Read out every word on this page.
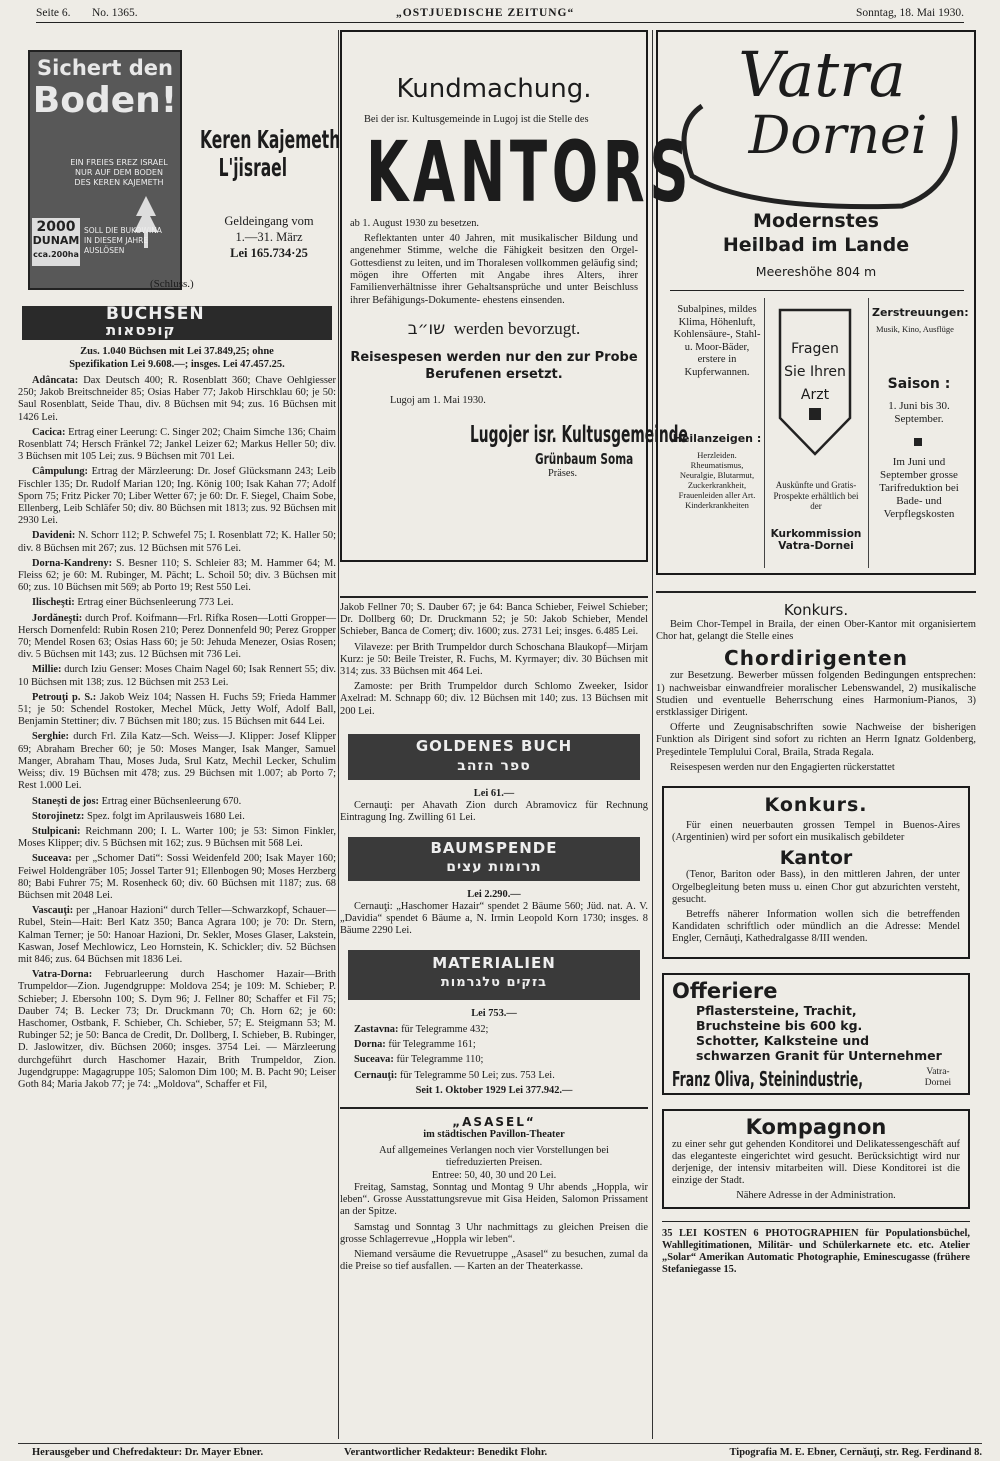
Seite 6. No. 1365.	„OSTJUEDISCHE ZEITUNG“	Sonntag, 18. Mai 1930.
Sichert den
Boden!
EIN FREIES EREZ ISRAEL
NUR AUF DEM BODEN
DES KEREN KAJEMETH
2000
DUNAM
cca.200ha
SOLL DIE BUKOWINA
IN DIESEM JAHRE
AUSLÖSEN
Keren Kajemeth
L'jisrael
Geldeingang vom
1.—31. März
Lei 165.734·25
(Schluss.)
BÜCHSEN
קופסאות
Zus. 1.040 Büchsen mit Lei 37.849,25; ohne
Spezifikation Lei 9.608.—; insges. Lei 47.457.25.
Adâncata: Dax Deutsch 400; R. Rosenblatt 360; Chave Oehlgiesser 250; Jakob Breitschneider 85; Osias Haber 77; Jakob Hirschklau 60; je 50: Saul Rosenblatt, Seide Thau, div. 8 Büchsen mit 94; zus. 16 Büchsen mit 1426 Lei.
Cacica: Ertrag einer Leerung: C. Singer 202; Chaim Simche 136; Chaim Rosenblatt 74; Hersch Fränkel 72; Jankel Leizer 62; Markus Heller 50; div. 3 Büchsen mit 105 Lei; zus. 9 Büchsen mit 701 Lei.
Câmpulung: Ertrag der Märzleerung: Dr. Josef Glücksmann 243; Leib Fischler 135; Dr. Rudolf Marian 120; Ing. König 100; Isak Kahan 77; Adolf Sporn 75; Fritz Picker 70; Liber Wetter 67; je 60: Dr. F. Siegel, Chaim Sobe, Ellenberg, Leib Schläfer 50; div. 80 Büchsen mit 1813; zus. 92 Büchsen mit 2930 Lei.
Davideni: N. Schorr 112; P. Schwefel 75; I. Rosenblatt 72; K. Haller 50; div. 8 Büchsen mit 267; zus. 12 Büchsen mit 576 Lei.
Dorna-Kandreny: S. Besner 110; S. Schleier 83; M. Hammer 64; M. Fleiss 62; je 60: M. Rubinger, M. Pächt; L. Schoil 50; div. 3 Büchsen mit 60; zus. 10 Büchsen mit 569; ab Porto 19; Rest 550 Lei.
Ilischeşti: Ertrag einer Büchsenleerung 773 Lei.
Jordăneşti: durch Prof. Koifmann—Frl. Rifka Rosen—Lotti Gropper—Hersch Dornenfeld: Rubin Rosen 210; Perez Donnenfeld 90; Perez Gropper 70; Mendel Rosen 63; Osias Hass 60; je 50: Jehuda Menezer, Osias Rosen; div. 5 Büchsen mit 143; zus. 12 Büchsen mit 736 Lei.
Millie: durch Iziu Genser: Moses Chaim Nagel 60; Isak Rennert 55; div. 10 Büchsen mit 138; zus. 12 Büchsen mit 253 Lei.
Petrouţi p. S.: Jakob Weiz 104; Nassen H. Fuchs 59; Frieda Hammer 51; je 50: Schendel Rostoker, Mechel Mück, Jetty Wolf, Adolf Ball, Benjamin Stettiner; div. 7 Büchsen mit 180; zus. 15 Büchsen mit 644 Lei.
Serghie: durch Frl. Zila Katz—Sch. Weiss—J. Klipper: Josef Klipper 69; Abraham Brecher 60; je 50: Moses Manger, Isak Manger, Samuel Manger, Abraham Thau, Moses Juda, Srul Katz, Mechil Lecker, Schulim Weiss; div. 19 Büchsen mit 478; zus. 29 Büchsen mit 1.007; ab Porto 7; Rest 1.000 Lei.
Stanești de jos: Ertrag einer Büchsenleerung 670.
Storojinetz: Spez. folgt im Aprilausweis 1680 Lei.
Stulpicani: Reichmann 200; I. L. Warter 100; je 53: Simon Finkler, Moses Klipper; div. 5 Büchsen mit 162; zus. 9 Büchsen mit 568 Lei.
Suceava: per „Schomer Dati“: Sossi Weidenfeld 200; Isak Mayer 160; Feiwel Holdengräber 105; Jossel Tarter 91; Ellenbogen 90; Moses Herzberg 80; Babi Fuhrer 75; M. Rosenheck 60; div. 60 Büchsen mit 1187; zus. 68 Büchsen mit 2048 Lei.
Vascauţi: per „Hanoar Hazioni“ durch Teller—Schwarzkopf, Schauer—Rubel, Stein—Hait: Berl Katz 350; Banca Agrara 100; je 70: Dr. Stern, Kalman Terner; je 50: Hanoar Hazioni, Dr. Sekler, Moses Glaser, Lakstein, Kaswan, Josef Mechlowicz, Leo Hornstein, K. Schickler; div. 52 Büchsen mit 846; zus. 64 Büchsen mit 1836 Lei.
Vatra-Dorna: Februarleerung durch Haschomer Hazair—Brith Trumpeldor—Zion. Jugendgruppe: Moldova 254; je 109: M. Schieber; P. Schieber; J. Ebersohn 100; S. Dym 96; J. Fellner 80; Schaffer et Fil 75; Dauber 74; B. Lecker 73; Dr. Druckmann 70; Ch. Horn 62; je 60: Haschomer, Ostbank, F. Schieber, Ch. Schieber, 57; E. Steigmann 53; M. Rubinger 52; je 50: Banca de Credit, Dr. Dollberg, I. Schieber, B. Rubinger, D. Jaslowitzer, div. Büchsen 2060; insges. 3754 Lei. — Märzleerung durchgeführt durch Haschomer Hazair, Brith Trumpeldor, Zion. Jugendgruppe: Magagruppe 105; Salomon Dim 100; M. B. Pacht 90; Leiser Goth 84; Maria Jakob 77; je 74: „Moldova“, Schaffer et Fil,
Kundmachung.
Bei der isr. Kultusgemeinde in Lugoj ist die Stelle des
KANTORS
ab 1. August 1930 zu besetzen.
Reflektanten unter 40 Jahren, mit musikalischer Bildung und angenehmer Stimme, welche die Fähigkeit besitzen den Orgel-Gottesdienst zu leiten, und im Thoralesen vollkommen geläufig sind; mögen ihre Offerten mit Angabe ihres Alters, ihrer Familienverhältnisse ihrer Gehaltsansprüche und unter Beischluss ihrer Befähigungs-Dokumente- ehestens einsenden.
שו״ב werden bevorzugt.
Reisespesen werden nur den zur Probe Berufenen ersetzt.
Lugoj am 1. Mai 1930.
Lugojer isr. Kultusgemeinde
Grünbaum Soma
Präses.
Jakob Fellner 70; S. Dauber 67; je 64: Banca Schieber, Feiwel Schieber; Dr. Dollberg 60; Dr. Druckmann 52; je 50: Jakob Schieber, Mendel Schieber, Banca de Comerţ; div. 1600; zus. 2731 Lei; insges. 6.485 Lei.
Vilaveze: per Brith Trumpeldor durch Schoschana Blaukopf—Mirjam Kurz: je 50: Beile Treister, R. Fuchs, M. Kyrmayer; div. 30 Büchsen mit 314; zus. 33 Büchsen mit 464 Lei.
Zamoste: per Brith Trumpeldor durch Schlomo Zweeker, Isidor Axelrad: M. Schnapp 60; div. 12 Büchsen mit 140; zus. 13 Büchsen mit 200 Lei.
GOLDENES BUCH
ספר הזהב
Lei 61.—
Cernauţi: per Ahavath Zion durch Abramovicz für Rechnung Eintragung Ing. Zwilling 61 Lei.
BAUMSPENDE
תרומות עצים
Lei 2.290.—
Cernauţi: „Haschomer Hazair“ spendet 2 Bäume 560; Jüd. nat. A. V. „Davidia“ spendet 6 Bäume a, N. Irmin Leopold Korn 1730; insges. 8 Bäume 2290 Lei.
MATERIALIEN
בזקים טלגרמות
Lei 753.—
Zastavna: für Telegramme 432;
Dorna: für Telegramme 161;
Suceava: für Telegramme 110;
Cernauţi: für Telegramme 50 Lei; zus. 753 Lei.
Seit 1. Oktober 1929 Lei 377.942.—
„ASASEL“
im städtischen Pavillon-Theater
Auf allgemeines Verlangen noch vier Vorstellungen bei tiefreduzierten Preisen.
Entree: 50, 40, 30 und 20 Lei.
Freitag, Samstag, Sonntag und Montag 9 Uhr abends „Hoppla, wir leben“. Grosse Ausstattungsrevue mit Gisa Heiden, Salomon Prissament an der Spitze.
Samstag und Sonntag 3 Uhr nachmittags zu gleichen Preisen die grosse Schlagerrevue „Hoppla wir leben“.
Niemand versäume die Revuetruppe „Asasel“ zu besuchen, zumal da die Preise so tief ausfallen. — Karten an der Theaterkasse.
Vatra
Dornei
Modernstes
Heilbad im Lande
Meereshöhe 804 m
Subalpines, mildes Klima, Höhenluft, Kohlensäure-, Stahl- u. Moor-Bäder, erstere in Kupferwannen.
Heilanzeigen :
Herzleiden. Rheumatismus, Neuralgie, Blutarmut, Zuckerkrankheit, Frauenleiden aller Art. Kinderkrankheiten
Fragen
Sie Ihren
Arzt
Auskünfte und Gratis-Prospekte erhältlich bei der
Kurkommission Vatra-Dornei
Zerstreuungen:
Musik, Kino, Ausflüge
Saison :
1. Juni bis 30. September.
Im Juni und September grosse Tarifreduktion bei Bade- und Verpflegskosten
Konkurs.
Beim Chor-Tempel in Braila, der einen Ober-Kantor mit organisiertem Chor hat, gelangt die Stelle eines
Chordirigenten
zur Besetzung. Bewerber müssen folgenden Bedingungen entsprechen: 1) nachweisbar einwandfreier moralischer Lebenswandel, 2) musikalische Studien und eventuelle Beherrschung eines Harmonium-Pianos, 3) erstklassiger Dirigent.
Offerte und Zeugnisabschriften sowie Nachweise der bisherigen Funktion als Dirigent sind sofort zu richten an Herrn Ignatz Goldenberg, Preşedintele Templului Coral, Braila, Strada Regala.
Reisespesen werden nur den Engagierten rückerstattet
Konkurs.
Für einen neuerbauten grossen Tempel in Buenos-Aires (Argentinien) wird per sofort ein musikalisch gebildeter
Kantor
(Tenor, Bariton oder Bass), in den mittleren Jahren, der unter Orgelbegleitung beten muss u. einen Chor gut abzurichten versteht, gesucht.
Betreffs näherer Information wollen sich die betreffenden Kandidaten schriftlich oder mündlich an die Adresse: Mendel Engler, Cernăuţi, Kathedralgasse 8/III wenden.
Offeriere
Pflastersteine, Trachit,
Bruchsteine bis 600 kg.
Schotter, Kalksteine und
schwarzen Granit für Unternehmer
Franz Oliva, Steinindustrie,	Vatra-Dornei
Kompagnon
zu einer sehr gut gehenden Konditorei und Delikatessengeschäft auf das eleganteste eingerichtet wird gesucht. Berücksichtigt wird nur derjenige, der intensiv mitarbeiten will. Diese Konditorei ist die einzige der Stadt.
Nähere Adresse in der Administration.
35 LEI KOSTEN 6 PHOTOGRAPHIEN für Populationsbüchel, Wahllegitimationen, Militär- und Schülerkarnete etc. etc. Atelier „Solar“ Amerikan Automatic Photographie, Eminescugasse (frühere Stefaniegasse 15.
Herausgeber und Chefredakteur: Dr. Mayer Ebner.	Verantwortlicher Redakteur: Benedikt Flohr.	Tipografia M. E. Ebner, Cernăuţi, str. Reg. Ferdinand 8.
